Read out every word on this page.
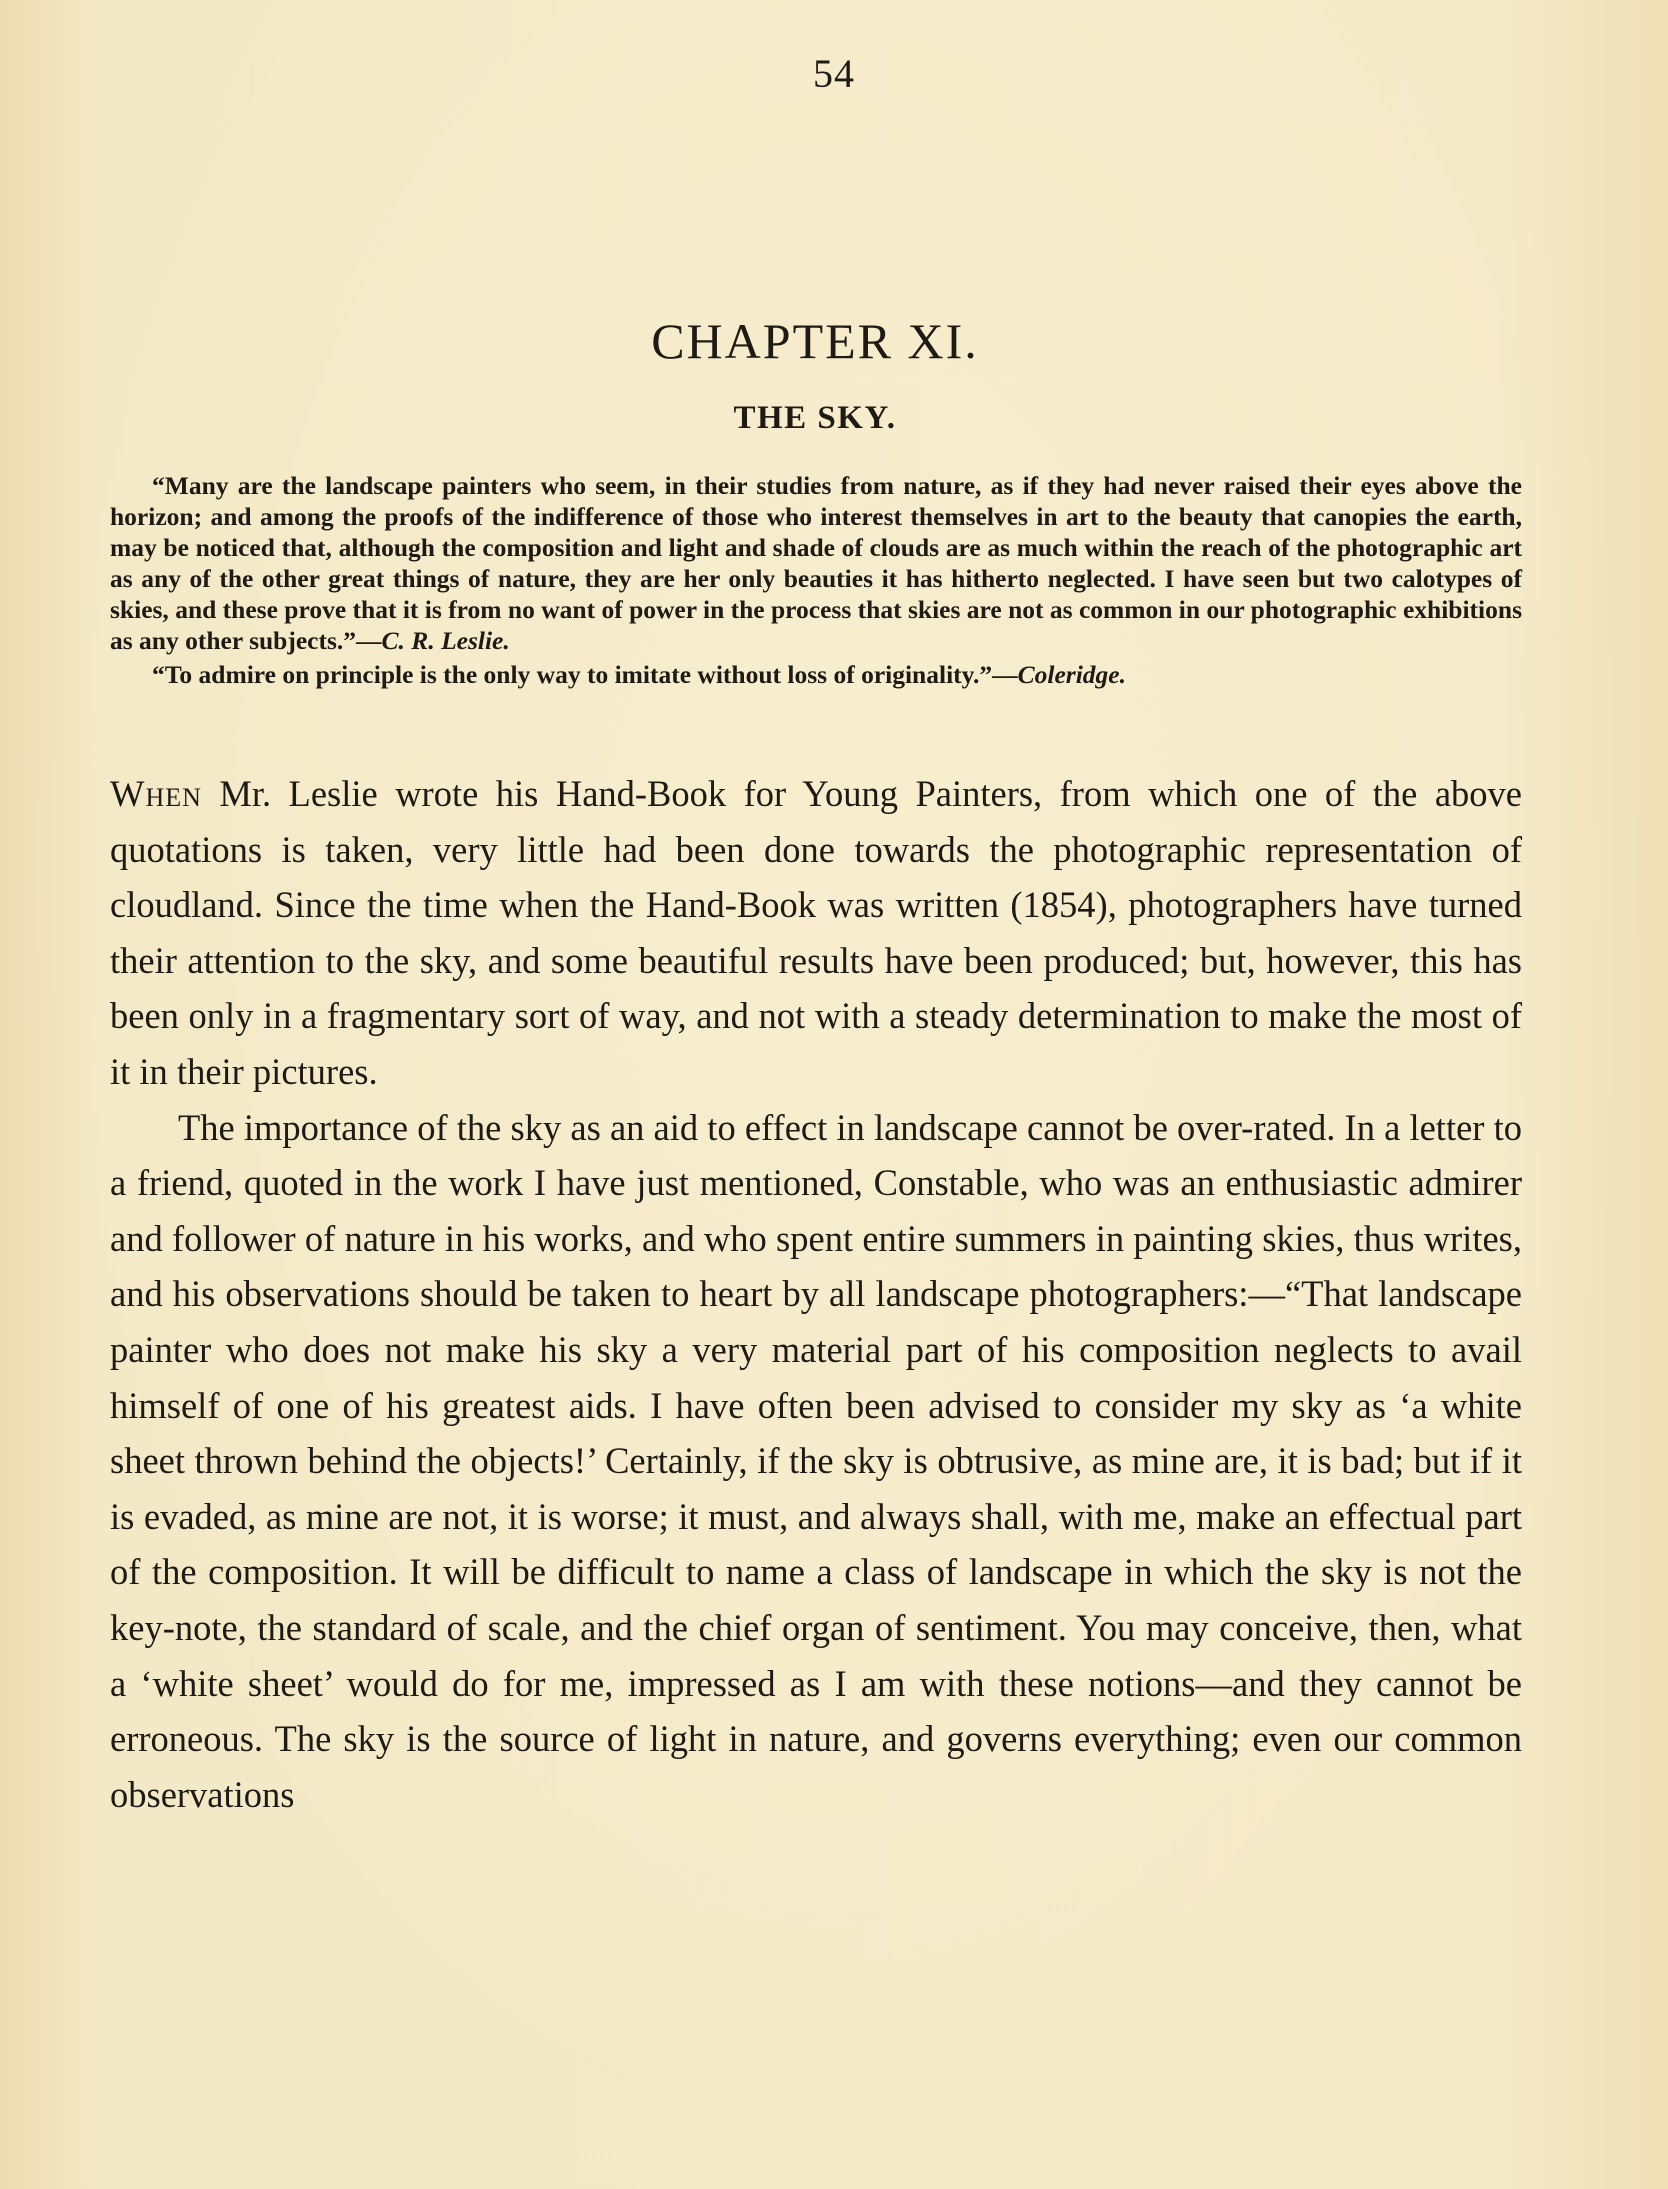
54
CHAPTER XI.
THE SKY.

“Many are the landscape painters who seem, in their studies from nature, as if they had never raised their eyes above the horizon; and among the proofs of the indifference of those who interest themselves in art to the beauty that canopies the earth, may be noticed that, although the composition and light and shade of clouds are as much within the reach of the photographic art as any of the other great things of nature, they are her only beauties it has hitherto neglected. I have seen but two calotypes of skies, and these prove that it is from no want of power in the process that skies are not as common in our photographic exhibitions as any other subjects.”—C. R. Leslie.

“To admire on principle is the only way to imitate without loss of originality.”—Coleridge.

When Mr. Leslie wrote his Hand-Book for Young Painters, from which one of the above quotations is taken, very little had been done towards the photographic representation of cloudland. Since the time when the Hand-Book was written (1854), photographers have turned their attention to the sky, and some beautiful results have been produced; but, however, this has been only in a fragmentary sort of way, and not with a steady determination to make the most of it in their pictures.

The importance of the sky as an aid to effect in landscape cannot be over-rated. In a letter to a friend, quoted in the work I have just mentioned, Constable, who was an enthusiastic admirer and follower of nature in his works, and who spent entire summers in painting skies, thus writes, and his observations should be taken to heart by all landscape photographers:—“That landscape painter who does not make his sky a very material part of his composition neglects to avail himself of one of his greatest aids. I have often been advised to consider my sky as ‘a white sheet thrown behind the objects!’ Certainly, if the sky is obtrusive, as mine are, it is bad; but if it is evaded, as mine are not, it is worse; it must, and always shall, with me, make an effectual part of the composition. It will be difficult to name a class of landscape in which the sky is not the key-note, the standard of scale, and the chief organ of sentiment. You may conceive, then, what a ‘white sheet’ would do for me, impressed as I am with these notions—and they cannot be erroneous. The sky is the source of light in nature, and governs everything; even our common observations
